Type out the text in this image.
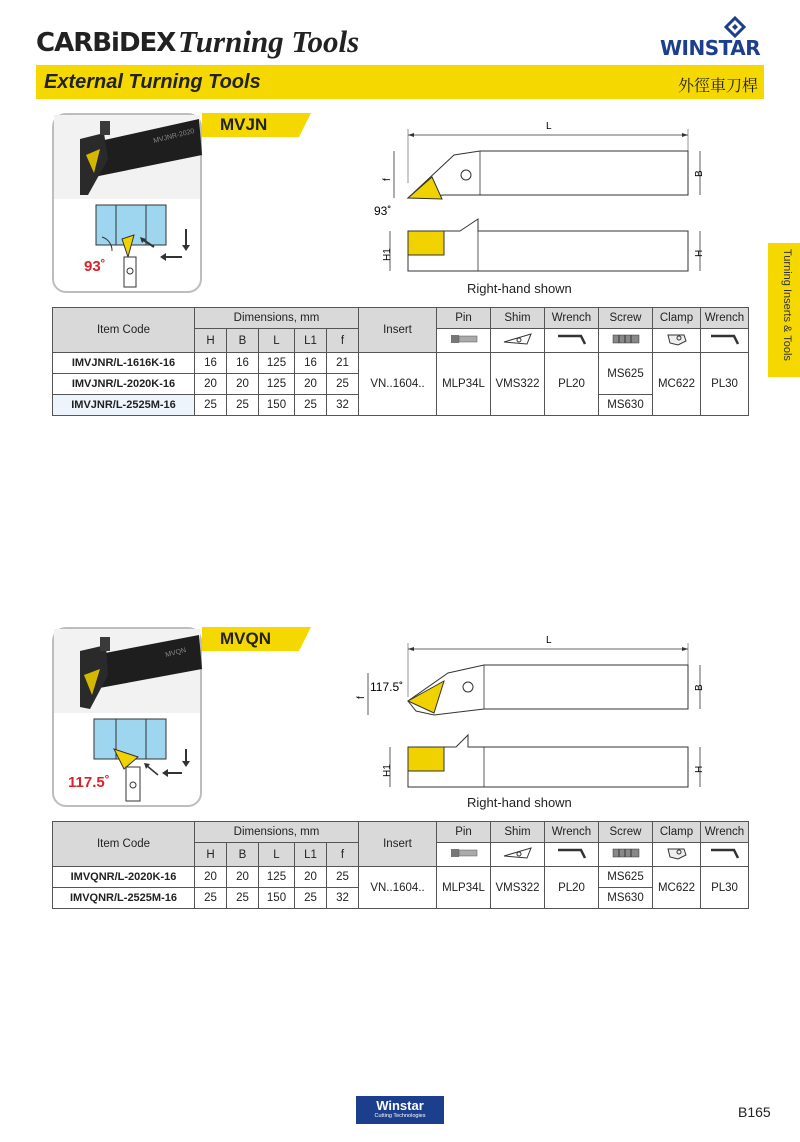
CARBiDEX Turning Tools	WINSTAR
External Turning Tools	外徑車刀桿
Turning Inserts & Tools
MVJNR-2020
93˚
MVJN	L
B
f
93˚
H1	H
Right-hand shown
Item Code	Dimensions, mm					Insert	Pin	Shim	Wrench	Screw	Clamp	Wrench
	H	B	L	L1	f						
IMVJNR/L-1616K-16	16	16	125	16	21	VN..1604..	MLP34L	VMS322	PL20	MS625	MC622	PL30
IMVJNR/L-2020K-16	20	20	125	20	25							
IMVJNR/L-2525M-16	25	25	150	25	32					MS630		
MVQN
117.5˚
MVQN	L
B
f
117.5˚
H1	H
Right-hand shown
Item Code	Dimensions, mm					Insert	Pin	Shim	Wrench	Screw	Clamp	Wrench
	H	B	L	L1	f						
IMVQNR/L-2020K-16	20	20	125	20	25	VN..1604..	MLP34L	VMS322	PL20	MS625	MC622	PL30
IMVQNR/L-2525M-16	25	25	150	25	32					MS630		
Winstar
Cutting Technologies	B165
